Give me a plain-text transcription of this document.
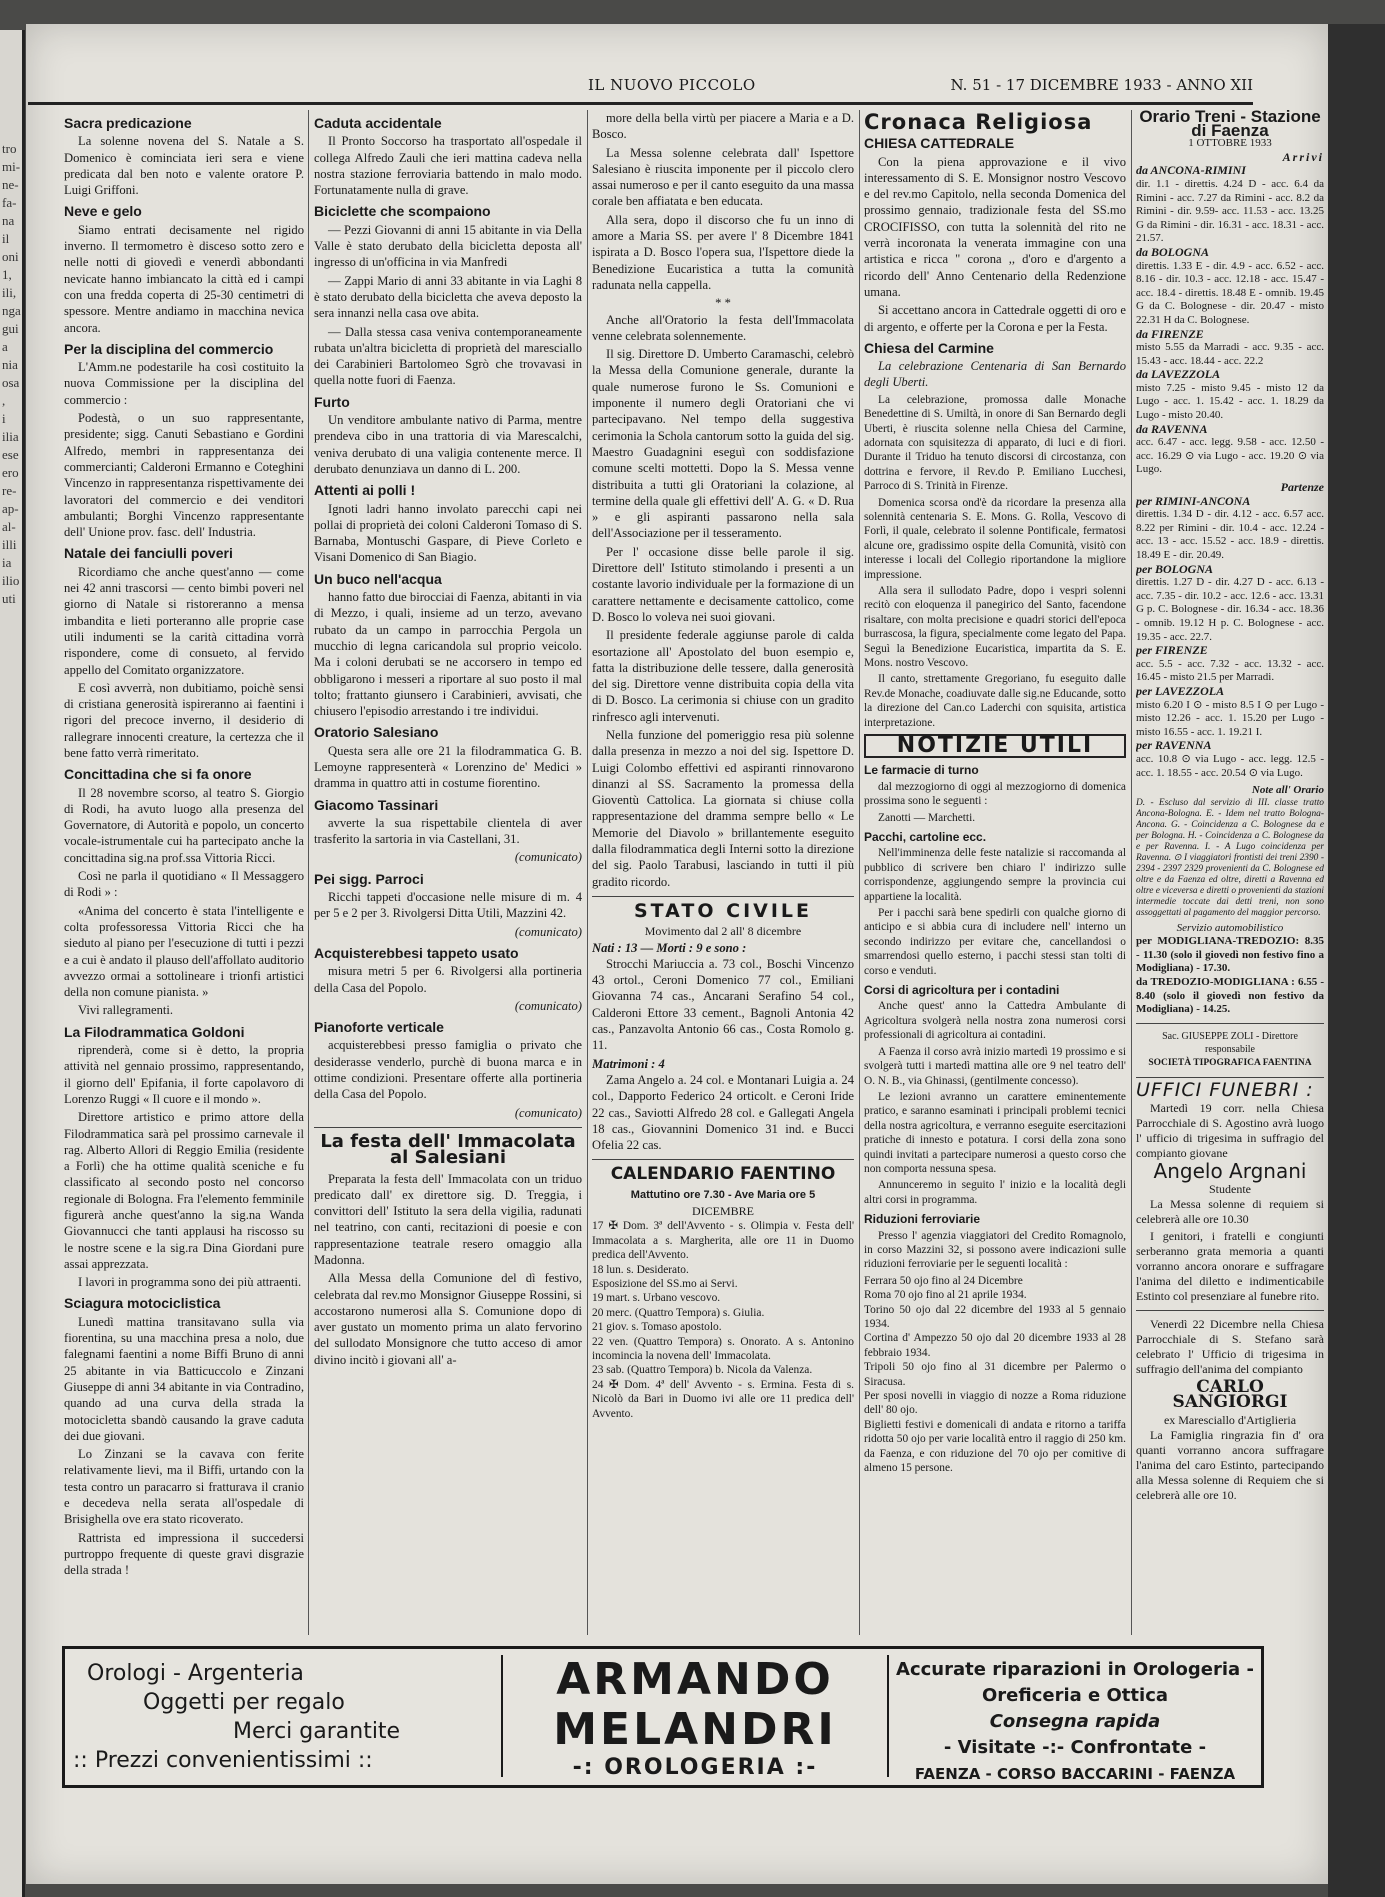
tro
mi-
ne-
fa-
na
il
oni
1,
ili,
nga
gui
a
nia
osa
,
i
ilia
ese
ero
re-
ap-
al-
illi
ia
ilio
uti
IL NUOVO PICCOLO	N. 51 - 17 DICEMBRE 1933 - ANNO XII
Sacra predicazione

La solenne novena del S. Natale a S. Domenico è cominciata ieri sera e viene predicata dal ben noto e valente oratore P. Luigi Griffoni.

Neve e gelo

Siamo entrati decisamente nel rigido inverno. Il termometro è disceso sotto zero e nelle notti di giovedì e venerdì abbondanti nevicate hanno imbiancato la città ed i campi con una fredda coperta di 25-30 centimetri di spessore. Mentre andiamo in macchina nevica ancora.

Per la disciplina del commercio

L'Amm.ne podestarile ha così costituito la nuova Commissione per la disciplina del commercio :

Podestà, o un suo rappresentante, presidente; sigg. Canuti Sebastiano e Gordini Alfredo, membri in rappresentanza dei commercianti; Calderoni Ermanno e Coteghini Vincenzo in rappresentanza rispettivamente dei lavoratori del commercio e dei venditori ambulanti; Borghi Vincenzo rappresentante dell' Unione prov. fasc. dell' Industria.

Natale dei fanciulli poveri

Ricordiamo che anche quest'anno — come nei 42 anni trascorsi — cento bimbi poveri nel giorno di Natale si ristoreranno a mensa imbandita e lieti porteranno alle proprie case utili indumenti se la carità cittadina vorrà rispondere, come di consueto, al fervido appello del Comitato organizzatore.

E così avverrà, non dubitiamo, poichè sensi di cristiana generosità ispireranno ai faentini i rigori del precoce inverno, il desiderio di rallegrare innocenti creature, la certezza che il bene fatto verrà rimeritato.

Concittadina che si fa onore

Il 28 novembre scorso, al teatro S. Giorgio di Rodi, ha avuto luogo alla presenza del Governatore, di Autorità e popolo, un concerto vocale-istrumentale cui ha partecipato anche la concittadina sig.na prof.ssa Vittoria Ricci.

Così ne parla il quotidiano « Il Messaggero di Rodi » :

«Anima del concerto è stata l'intelligente e colta professoressa Vittoria Ricci che ha sieduto al piano per l'esecuzione di tutti i pezzi e a cui è andato il plauso dell'affollato auditorio avvezzo ormai a sottolineare i trionfi artistici della non comune pianista. »

Vivi rallegramenti.

La Filodrammatica Goldoni

riprenderà, come si è detto, la propria attività nel gennaio prossimo, rappresentando, il giorno dell' Epifania, il forte capolavoro di Lorenzo Ruggi « Il cuore e il mondo ».

Direttore artistico e primo attore della Filodrammatica sarà pel prossimo carnevale il rag. Alberto Allori di Reggio Emilia (residente a Forlì) che ha ottime qualità sceniche e fu classificato al secondo posto nel concorso regionale di Bologna. Fra l'elemento femminile figurerà anche quest'anno la sig.na Wanda Giovannucci che tanti applausi ha riscosso su le nostre scene e la sig.ra Dina Giordani pure assai apprezzata.

I lavori in programma sono dei più attraenti.

Sciagura motociclistica

Lunedì mattina transitavano sulla via fiorentina, su una macchina presa a nolo, due falegnami faentini a nome Biffi Bruno di anni 25 abitante in via Batticuccolo e Zinzani Giuseppe di anni 34 abitante in via Contradino, quando ad una curva della strada la motocicletta sbandò causando la grave caduta dei due giovani.

Lo Zinzani se la cavava con ferite relativamente lievi, ma il Biffi, urtando con la testa contro un paracarro si fratturava il cranio e decedeva nella serata all'ospedale di Brisighella ove era stato ricoverato.

Rattrista ed impressiona il succedersi purtroppo frequente di queste gravi disgrazie della strada !

Caduta accidentale

Il Pronto Soccorso ha trasportato all'ospedale il collega Alfredo Zauli che ieri mattina cadeva nella nostra stazione ferroviaria battendo in malo modo. Fortunatamente nulla di grave.

Biciclette che scompaiono

— Pezzi Giovanni di anni 15 abitante in via Della Valle è stato derubato della bicicletta deposta all' ingresso di un'officina in via Manfredi

— Zappi Mario di anni 33 abitante in via Laghi 8 è stato derubato della bicicletta che aveva deposto la sera innanzi nella casa ove abita.

— Dalla stessa casa veniva contemporaneamente rubata un'altra bicicletta di proprietà del maresciallo dei Carabinieri Bartolomeo Sgrò che trovavasi in quella notte fuori di Faenza.

Furto

Un venditore ambulante nativo di Parma, mentre prendeva cibo in una trattoria di via Marescalchi, veniva derubato di una valigia contenente merce. Il derubato denunziava un danno di L. 200.

Attenti ai polli !

Ignoti ladri hanno involato parecchi capi nei pollai di proprietà dei coloni Calderoni Tomaso di S. Barnaba, Montuschi Gaspare, di Pieve Corleto e Visani Domenico di San Biagio.

Un buco nell'acqua

hanno fatto due birocciai di Faenza, abitanti in via di Mezzo, i quali, insieme ad un terzo, avevano rubato da un campo in parrocchia Pergola un mucchio di legna caricandola sul proprio veicolo. Ma i coloni derubati se ne accorsero in tempo ed obbligarono i messeri a riportare al suo posto il mal tolto; frattanto giunsero i Carabinieri, avvisati, che chiusero l'episodio arrestando i tre individui.

Oratorio Salesiano

Questa sera alle ore 21 la filodrammatica G. B. Lemoyne rappresenterà « Lorenzino de' Medici » dramma in quattro atti in costume fiorentino.

Giacomo Tassinari

avverte la sua rispettabile clientela di aver trasferito la sartoria in via Castellani, 31.

(comunicato)
Pei sigg. Parroci

Ricchi tappeti d'occasione nelle misure di m. 4 per 5 e 2 per 3. Rivolgersi Ditta Utili, Mazzini 42.

(comunicato)
Acquisterebbesi tappeto usato

misura metri 5 per 6. Rivolgersi alla portineria della Casa del Popolo.

(comunicato)
Pianoforte verticale

acquisterebbesi presso famiglia o privato che desiderasse venderlo, purchè di buona marca e in ottime condizioni. Presentare offerte alla portineria della Casa del Popolo.

(comunicato)
La festa dell' Immacolata al Salesiani

Preparata la festa dell' Immacolata con un triduo predicato dall' ex direttore sig. D. Treggia, i convittori dell' Istituto la sera della vigilia, radunati nel teatrino, con canti, recitazioni di poesie e con rappresentazione teatrale resero omaggio alla Madonna.

Alla Messa della Comunione del dì festivo, celebrata dal rev.mo Monsignor Giuseppe Rossini, si accostarono numerosi alla S. Comunione dopo di aver gustato un momento prima un alato fervorino del sullodato Monsignore che tutto acceso di amor divino incitò i giovani all' a-

more della bella virtù per piacere a Maria e a D. Bosco.

La Messa solenne celebrata dall' Ispettore Salesiano è riuscita imponente per il piccolo clero assai numeroso e per il canto eseguito da una massa corale ben affiatata e ben educata.

Alla sera, dopo il discorso che fu un inno di amore a Maria SS. per avere l' 8 Dicembre 1841 ispirata a D. Bosco l'opera sua, l'Ispettore diede la Benedizione Eucaristica a tutta la comunità radunata nella cappella.

* *

Anche all'Oratorio la festa dell'Immacolata venne celebrata solennemente.

Il sig. Direttore D. Umberto Caramaschi, celebrò la Messa della Comunione generale, durante la quale numerose furono le Ss. Comunioni e imponente il numero degli Oratoriani che vi partecipavano. Nel tempo della suggestiva cerimonia la Schola cantorum sotto la guida del sig. Maestro Guadagnini eseguì con soddisfazione comune scelti mottetti. Dopo la S. Messa venne distribuita a tutti gli Oratoriani la colazione, al termine della quale gli effettivi dell' A. G. « D. Rua » e gli aspiranti passarono nella sala dell'Associazione per il tesseramento.

Per l' occasione disse belle parole il sig. Direttore dell' Istituto stimolando i presenti a un costante lavorio individuale per la formazione di un carattere nettamente e decisamente cattolico, come D. Bosco lo voleva nei suoi giovani.

Il presidente federale aggiunse parole di calda esortazione all' Apostolato del buon esempio e, fatta la distribuzione delle tessere, dalla generosità del sig. Direttore venne distribuita copia della vita di D. Bosco. La cerimonia si chiuse con un gradito rinfresco agli intervenuti.

Nella funzione del pomeriggio resa più solenne dalla presenza in mezzo a noi del sig. Ispettore D. Luigi Colombo effettivi ed aspiranti rinnovarono dinanzi al SS. Sacramento la promessa della Gioventù Cattolica. La giornata si chiuse colla rappresentazione del dramma sempre bello « Le Memorie del Diavolo » brillantemente eseguito dalla filodrammatica degli Interni sotto la direzione del sig. Paolo Tarabusi, lasciando in tutti il più gradito ricordo.

STATO CIVILE
Movimento dal 2 all' 8 dicembre
Nati : 13 — Morti : 9 e sono :

Strocchi Mariuccia a. 73 col., Boschi Vincenzo 43 ortol., Ceroni Domenico 77 col., Emiliani Giovanna 74 cas., Ancarani Serafino 54 col., Calderoni Ettore 33 cement., Bagnoli Antonia 42 cas., Panzavolta Antonio 66 cas., Costa Romolo g. 11.

Matrimoni : 4

Zama Angelo a. 24 col. e Montanari Luigia a. 24 col., Dapporto Federico 24 orticolt. e Ceroni Iride 22 cas., Saviotti Alfredo 28 col. e Gallegati Angela 18 cas., Giovannini Domenico 31 ind. e Bucci Ofelia 22 cas.

CALENDARIO FAENTINO
Mattutino ore 7.30 - Ave Maria ore 5
DICEMBRE
17 ✠ Dom. 3ª dell'Avvento - s. Olimpia v. Festa dell' Immacolata a s. Margherita, alle ore 11 in Duomo predica dell'Avvento.
18 lun. s. Desiderato.
Esposizione del SS.mo ai Servi.
19 mart. s. Urbano vescovo.
20 merc. (Quattro Tempora) s. Giulia.
21 giov. s. Tomaso apostolo.
22 ven. (Quattro Tempora) s. Onorato. A s. Antonino incomincia la novena dell' Immacolata.
23 sab. (Quattro Tempora) b. Nicola da Valenza.
24 ✠ Dom. 4ª dell' Avvento - s. Ermina. Festa di s. Nicolò da Bari in Duomo ivi alle ore 11 predica dell' Avvento.
Cronaca Religiosa
CHIESA CATTEDRALE

Con la piena approvazione e il vivo interessamento di S. E. Monsignor nostro Vescovo e del rev.mo Capitolo, nella seconda Domenica del prossimo gennaio, tradizionale festa del SS.mo CROCIFISSO, con tutta la solennità del rito ne verrà incoronata la venerata immagine con una artistica e ricca " corona ,, d'oro e d'argento a ricordo dell' Anno Centenario della Redenzione umana.

Si accettano ancora in Cattedrale oggetti di oro e di argento, e offerte per la Corona e per la Festa.

Chiesa del Carmine

La celebrazione Centenaria di San Bernardo degli Uberti.

La celebrazione, promossa dalle Monache Benedettine di S. Umiltà, in onore di San Bernardo degli Uberti, è riuscita solenne nella Chiesa del Carmine, adornata con squisitezza di apparato, di luci e di fiori. Durante il Triduo ha tenuto discorsi di circostanza, con dottrina e fervore, il Rev.do P. Emiliano Lucchesi, Parroco di S. Trinità in Firenze.

Domenica scorsa ond'è da ricordare la presenza alla solennità centenaria S. E. Mons. G. Rolla, Vescovo di Forlì, il quale, celebrato il solenne Pontificale, fermatosi alcune ore, gradissimo ospite della Comunità, visitò con interesse i locali del Collegio riportandone la migliore impressione.

Alla sera il sullodato Padre, dopo i vespri solenni recitò con eloquenza il panegirico del Santo, facendone risaltare, con molta precisione e quadri storici dell'epoca burrascosa, la figura, specialmente come legato del Papa. Seguì la Benedizione Eucaristica, impartita da S. E. Mons. nostro Vescovo.

Il canto, strettamente Gregoriano, fu eseguito dalle Rev.de Monache, coadiuvate dalle sig.ne Educande, sotto la direzione del Can.co Laderchi con squisita, artistica interpretazione.

NOTIZIE UTILI
Le farmacie di turno

dal mezzogiorno di oggi al mezzogiorno di domenica prossima sono le seguenti :

Zanotti — Marchetti.

Pacchi, cartoline ecc.

Nell'imminenza delle feste natalizie si raccomanda al pubblico di scrivere ben chiaro l' indirizzo sulle corrispondenze, aggiungendo sempre la provincia cui appartiene la località.

Per i pacchi sarà bene spedirli con qualche giorno di anticipo e si abbia cura di includere nell' interno un secondo indirizzo per evitare che, cancellandosi o smarrendosi quello esterno, i pacchi stessi stan tolti di corso e venduti.

Corsi di agricoltura per i contadini

Anche quest' anno la Cattedra Ambulante di Agricoltura svolgerà nella nostra zona numerosi corsi professionali di agricoltura ai contadini.

A Faenza il corso avrà inizio martedì 19 prossimo e si svolgerà tutti i martedì mattina alle ore 9 nel teatro dell' O. N. B., via Ghinassi, (gentilmente concesso).

Le lezioni avranno un carattere eminentemente pratico, e saranno esaminati i principali problemi tecnici della nostra agricoltura, e verranno eseguite esercitazioni pratiche di innesto e potatura. I corsi della zona sono quindi invitati a partecipare numerosi a questo corso che non comporta nessuna spesa.

Annunceremo in seguito l' inizio e la località degli altri corsi in programma.

Riduzioni ferroviarie

Presso l' agenzia viaggiatori del Credito Romagnolo, in corso Mazzini 32, si possono avere indicazioni sulle riduzioni ferroviarie per le seguenti località :

Ferrara 50 ojo fino al 24 Dicembre
Roma 70 ojo fino al 21 aprile 1934.
Torino 50 ojo dal 22 dicembre del 1933 al 5 gennaio 1934.
Cortina d' Ampezzo 50 ojo dal 20 dicembre 1933 al 28 febbraio 1934.
Tripoli 50 ojo fino al 31 dicembre per Palermo o Siracusa.
Per sposi novelli in viaggio di nozze a Roma riduzione dell' 80 ojo.
Biglietti festivi e domenicali di andata e ritorno a tariffa ridotta 50 ojo per varie località entro il raggio di 250 km. da Faenza, e con riduzione del 70 ojo per comitive di almeno 15 persone.
Orario Treni - Stazione di Faenza
1 OTTOBRE 1933
Arrivi
da ANCONA-RIMINI
dir. 1.1 - direttis. 4.24 D - acc. 6.4 da Rimini - acc. 7.27 da Rimini - acc. 8.2 da Rimini - dir. 9.59- acc. 11.53 - acc. 13.25 G da Rimini - dir. 16.31 - acc. 18.31 - acc. 21.57.
da BOLOGNA
direttis. 1.33 E - dir. 4.9 - acc. 6.52 - acc. 8.16 - dir. 10.3 - acc. 12.18 - acc. 15.47 - acc. 18.4 - direttis. 18.48 E - omnib. 19.45 G da C. Bolognese - dir. 20.47 - misto 22.31 H da C. Bolognese.
da FIRENZE
misto 5.55 da Marradi - acc. 9.35 - acc. 15.43 - acc. 18.44 - acc. 22.2
da LAVEZZOLA
misto 7.25 - misto 9.45 - misto 12 da Lugo - acc. 1. 15.42 - acc. 1. 18.29 da Lugo - misto 20.40.
da RAVENNA
acc. 6.47 - acc. legg. 9.58 - acc. 12.50 - acc. 16.29 ⊙ via Lugo - acc. 19.20 ⊙ via Lugo.
Partenze
per RIMINI-ANCONA
direttis. 1.34 D - dir. 4.12 - acc. 6.57 acc. 8.22 per Rimini - dir. 10.4 - acc. 12.24 - acc. 13 - acc. 15.52 - acc. 18.9 - direttis. 18.49 E - dir. 20.49.
per BOLOGNA
direttis. 1.27 D - dir. 4.27 D - acc. 6.13 - acc. 7.35 - dir. 10.2 - acc. 12.6 - acc. 13.31 G p. C. Bolognese - dir. 16.34 - acc. 18.36 - omnib. 19.12 H p. C. Bolognese - acc. 19.35 - acc. 22.7.
per FIRENZE
acc. 5.5 - acc. 7.32 - acc. 13.32 - acc. 16.45 - misto 21.5 per Marradi.
per LAVEZZOLA
misto 6.20 I ⊙ - misto 8.5 I ⊙ per Lugo - misto 12.26 - acc. 1. 15.20 per Lugo - misto 16.55 - acc. 1. 19.21 I.
per RAVENNA
acc. 10.8 ⊙ via Lugo - acc. legg. 12.5 - acc. 1. 18.55 - acc. 20.54 ⊙ via Lugo.
Note all' Orario
D. - Escluso dal servizio di III. classe tratto Ancona-Bologna. E. - Idem nel tratto Bologna-Ancona. G. - Coincidenza a C. Bolognese da e per Bologna. H. - Coincidenza a C. Bolognese da e per Ravenna. I. - A Lugo coincidenza per Ravenna. ⊙ I viaggiatori frontisti dei treni 2390 - 2394 - 2397 2329 provenienti da C. Bolognese ed oltre e da Faenza ed oltre, diretti a Ravenna ed oltre e viceversa e diretti o provenienti da stazioni intermedie toccate dai detti treni, non sono assoggettati al pagamento del maggior percorso.
Servizio automobilistico
per MODIGLIANA-TREDOZIO: 8.35 - 11.30 (solo il giovedì non festivo fino a Modigliana) - 17.30.
da TREDOZIO-MODIGLIANA : 6.55 - 8.40 (solo il giovedì non festivo da Modigliana) - 14.25.
Sac. GIUSEPPE ZOLI - Direttore responsabile
SOCIETÀ TIPOGRAFICA FAENTINA
UFFICI FUNEBRI :

Martedì 19 corr. nella Chiesa Parrocchiale di S. Agostino avrà luogo l' ufficio di trigesima in suffragio del compianto giovane

Angelo Argnani
Studente

La Messa solenne di requiem si celebrerà alle ore 10.30

I genitori, i fratelli e congiunti serberanno grata memoria a quanti vorranno ancora onorare e suffragare l'anima del diletto e indimenticabile Estinto col presenziare al funebre rito.

Venerdì 22 Dicembre nella Chiesa Parrocchiale di S. Stefano sarà celebrato l' Ufficio di trigesima in suffragio dell'anima del compianto

CARLO SANGIORGI
ex Maresciallo d'Artiglieria

La Famiglia ringrazia fin d' ora quanti vorranno ancora suffragare l'anima del caro Estinto, partecipando alla Messa solenne di Requiem che si celebrerà alle ore 10.

Orologi - Argenteria
Oggetti per regalo
Merci garantite
:: Prezzi convenientissimi ::
ARMANDO
MELANDRI
-: OROLOGERIA :-
Accurate riparazioni in Orologeria - Oreficeria e Ottica
Consegna rapida
- Visitate -:- Confrontate -
FAENZA - CORSO BACCARINI - FAENZA
